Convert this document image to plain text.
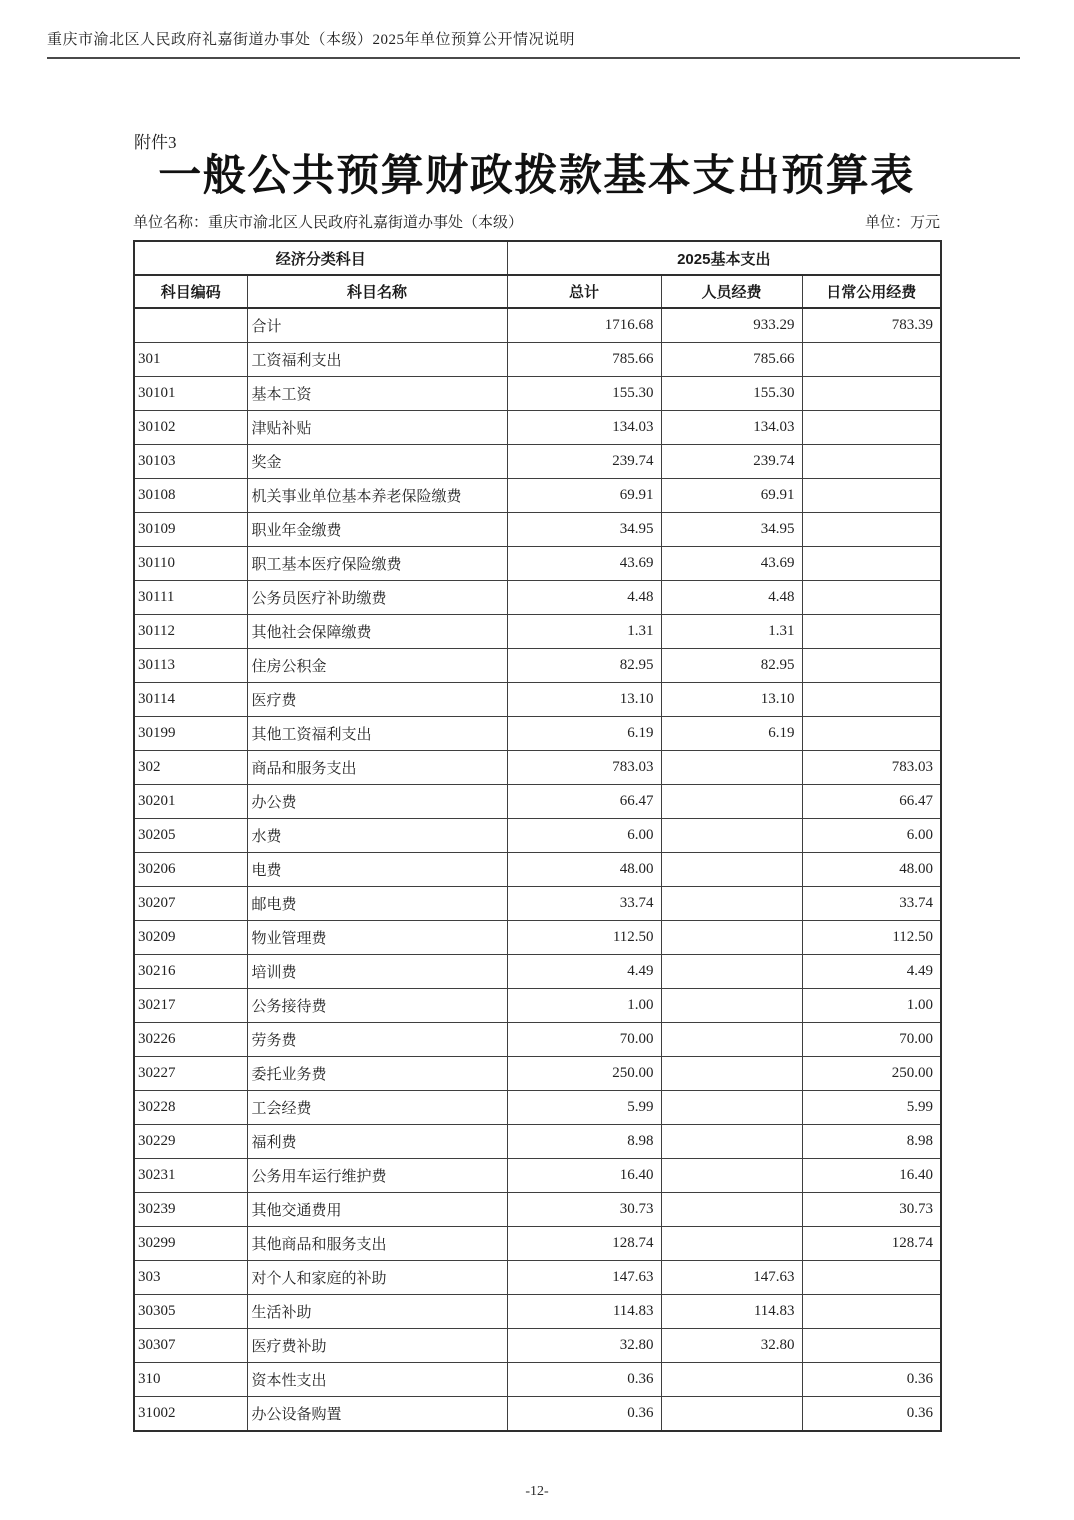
重庆市渝北区人民政府礼嘉街道办事处（本级）2025年单位预算公开情况说明
附件3
一般公共预算财政拨款基本支出预算表
单位名称：重庆市渝北区人民政府礼嘉街道办事处（本级）	单位：万元
经济分类科目		2025基本支出		
科目编码	科目名称	总计	人员经费	日常公用经费
	合计	1716.68	933.29	783.39
301	工资福利支出	785.66	785.66	
30101	基本工资	155.30	155.30	
30102	津贴补贴	134.03	134.03	
30103	奖金	239.74	239.74	
30108	机关事业单位基本养老保险缴费	69.91	69.91	
30109	职业年金缴费	34.95	34.95	
30110	职工基本医疗保险缴费	43.69	43.69	
30111	公务员医疗补助缴费	4.48	4.48	
30112	其他社会保障缴费	1.31	1.31	
30113	住房公积金	82.95	82.95	
30114	医疗费	13.10	13.10	
30199	其他工资福利支出	6.19	6.19	
302	商品和服务支出	783.03		783.03
30201	办公费	66.47		66.47
30205	水费	6.00		6.00
30206	电费	48.00		48.00
30207	邮电费	33.74		33.74
30209	物业管理费	112.50		112.50
30216	培训费	4.49		4.49
30217	公务接待费	1.00		1.00
30226	劳务费	70.00		70.00
30227	委托业务费	250.00		250.00
30228	工会经费	5.99		5.99
30229	福利费	8.98		8.98
30231	公务用车运行维护费	16.40		16.40
30239	其他交通费用	30.73		30.73
30299	其他商品和服务支出	128.74		128.74
303	对个人和家庭的补助	147.63	147.63	
30305	生活补助	114.83	114.83	
30307	医疗费补助	32.80	32.80	
310	资本性支出	0.36		0.36
31002	办公设备购置	0.36		0.36
-12-
